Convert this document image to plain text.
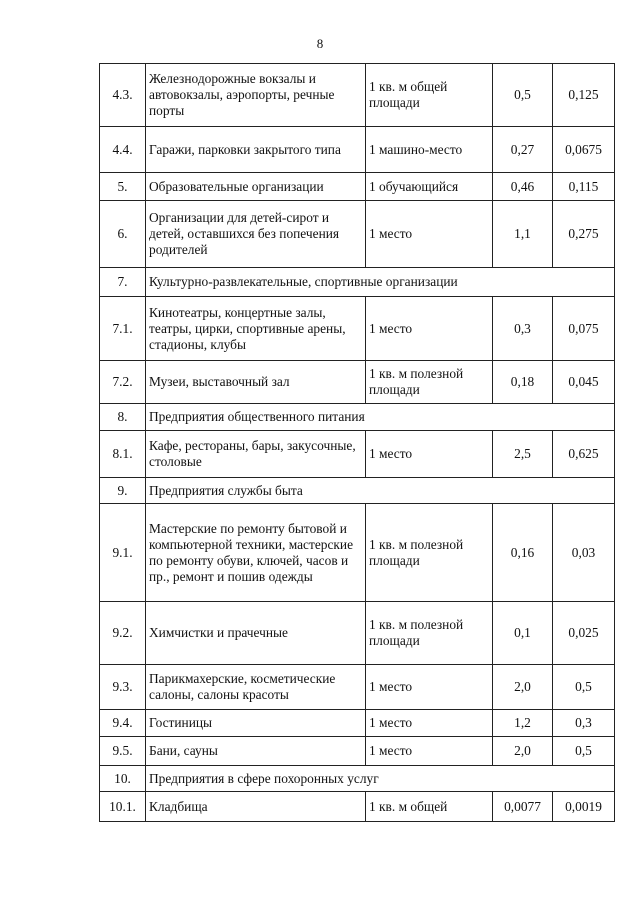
8
4.3.	Железнодорожные вокзалы и автовокзалы, аэропорты, речные порты	1 кв. м общей площади	0,5	0,125
4.4.	Гаражи, парковки закрытого типа	1 машино-место	0,27	0,0675
5.	Образовательные организации	1 обучающийся	0,46	0,115
6.	Организации для детей-сирот и детей, оставшихся без попечения родителей	1 место	1,1	0,275
7.	Культурно-развлекательные, спортивные организации			
7.1.	Кинотеатры, концертные залы, театры, цирки, спортивные арены, стадионы, клубы	1 место	0,3	0,075
7.2.	Музеи, выставочный зал	1 кв. м полезной площади	0,18	0,045
8.	Предприятия общественного питания			
8.1.	Кафе, рестораны, бары, закусочные, столовые	1 место	2,5	0,625
9.	Предприятия службы быта			
9.1.	Мастерские по ремонту бытовой и компьютерной техники, мастерские по ремонту обуви, ключей, часов и пр., ремонт и пошив одежды	1 кв. м полезной площади	0,16	0,03
9.2.	Химчистки и прачечные	1 кв. м полезной площади	0,1	0,025
9.3.	Парикмахерские, косметические салоны, салоны красоты	1 место	2,0	0,5
9.4.	Гостиницы	1 место	1,2	0,3
9.5.	Бани, сауны	1 место	2,0	0,5
10.	Предприятия в сфере похоронных услуг			
10.1.	Кладбища	1 кв. м общей	0,0077	0,0019
